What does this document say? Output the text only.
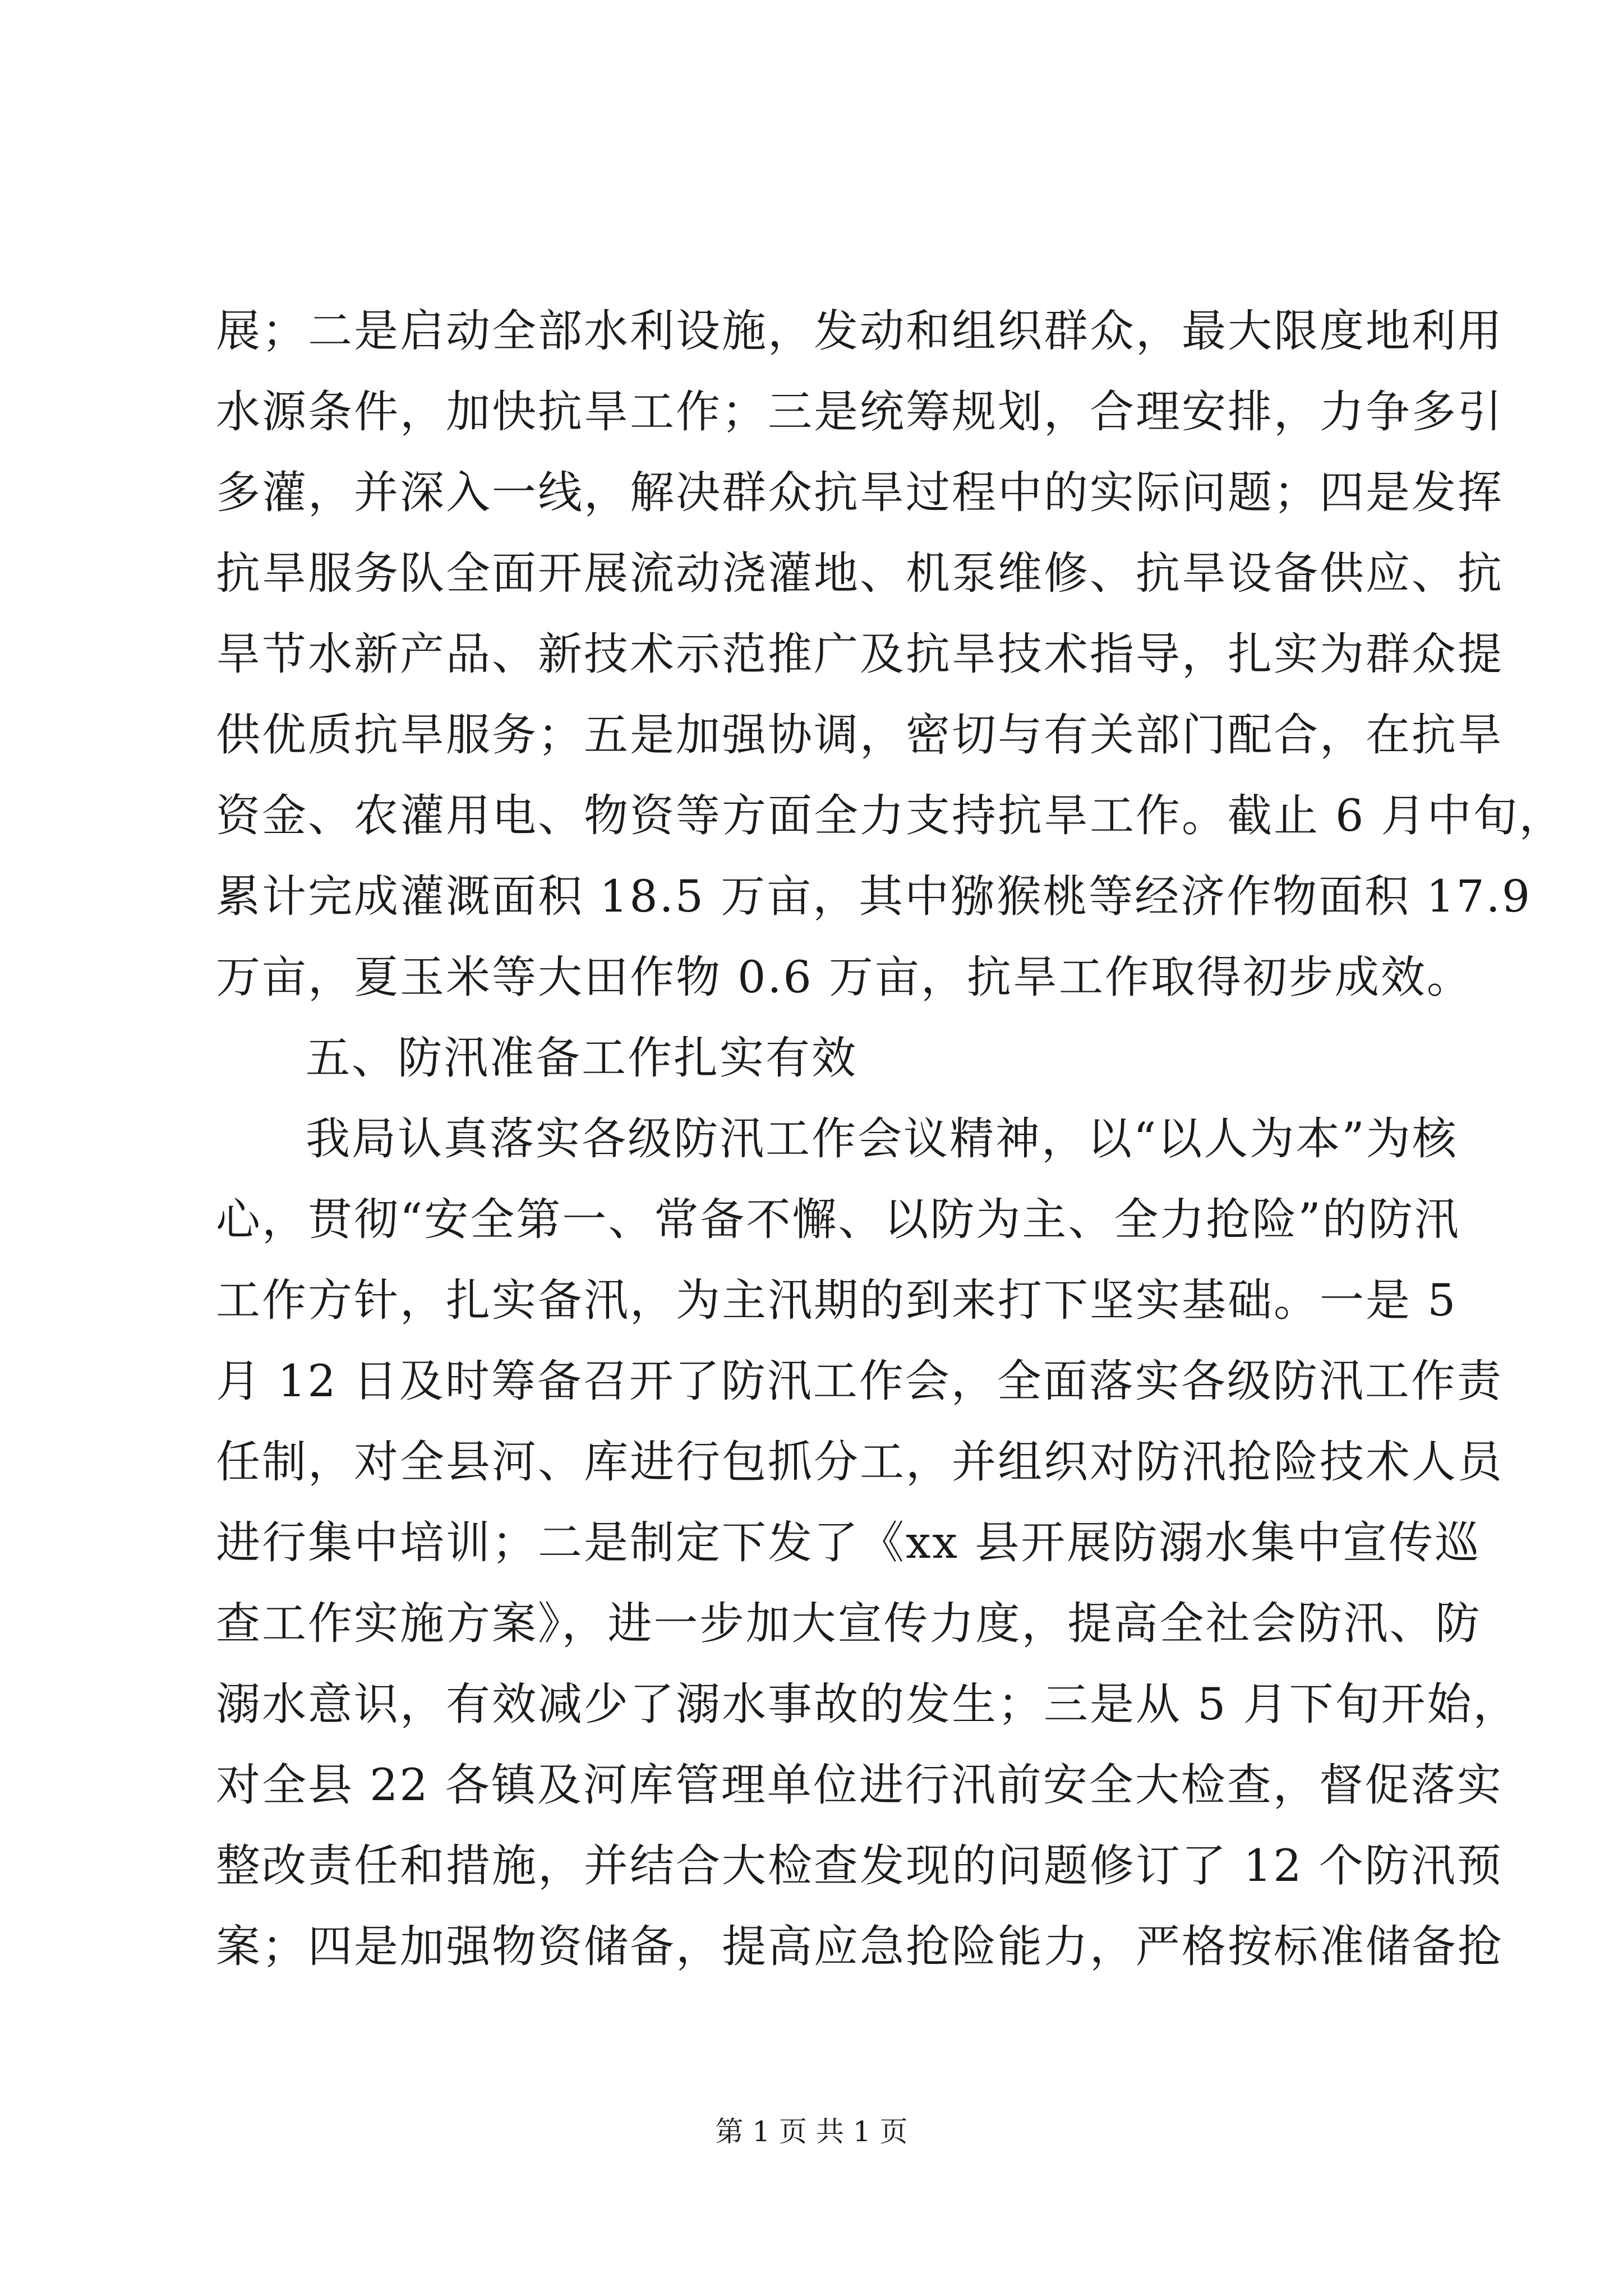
展；二是启动全部水利设施，发动和组织群众，最大限度地利用
水源条件，加快抗旱工作；三是统筹规划，合理安排，力争多引
多灌，并深入一线，解决群众抗旱过程中的实际问题；四是发挥
抗旱服务队全面开展流动浇灌地、机泵维修、抗旱设备供应、抗
旱节水新产品、新技术示范推广及抗旱技术指导，扎实为群众提
供优质抗旱服务；五是加强协调，密切与有关部门配合，在抗旱
资金、农灌用电、物资等方面全力支持抗旱工作。截止 6 月中旬，
累计完成灌溉面积 18.5 万亩，其中猕猴桃等经济作物面积 17.9
万亩，夏玉米等大田作物 0.6 万亩，抗旱工作取得初步成效。
五、防汛准备工作扎实有效
我局认真落实各级防汛工作会议精神，以“以人为本”为核
心，贯彻“安全第一、常备不懈、以防为主、全力抢险”的防汛
工作方针，扎实备汛，为主汛期的到来打下坚实基础。一是 5
月 12 日及时筹备召开了防汛工作会，全面落实各级防汛工作责
任制，对全县河、库进行包抓分工，并组织对防汛抢险技术人员
进行集中培训；二是制定下发了《xx 县开展防溺水集中宣传巡
查工作实施方案》，进一步加大宣传力度，提高全社会防汛、防
溺水意识，有效减少了溺水事故的发生；三是从 5 月下旬开始，
对全县 22 各镇及河库管理单位进行汛前安全大检查，督促落实
整改责任和措施，并结合大检查发现的问题修订了 12 个防汛预
案；四是加强物资储备，提高应急抢险能力，严格按标准储备抢
第 1 页 共 1 页
